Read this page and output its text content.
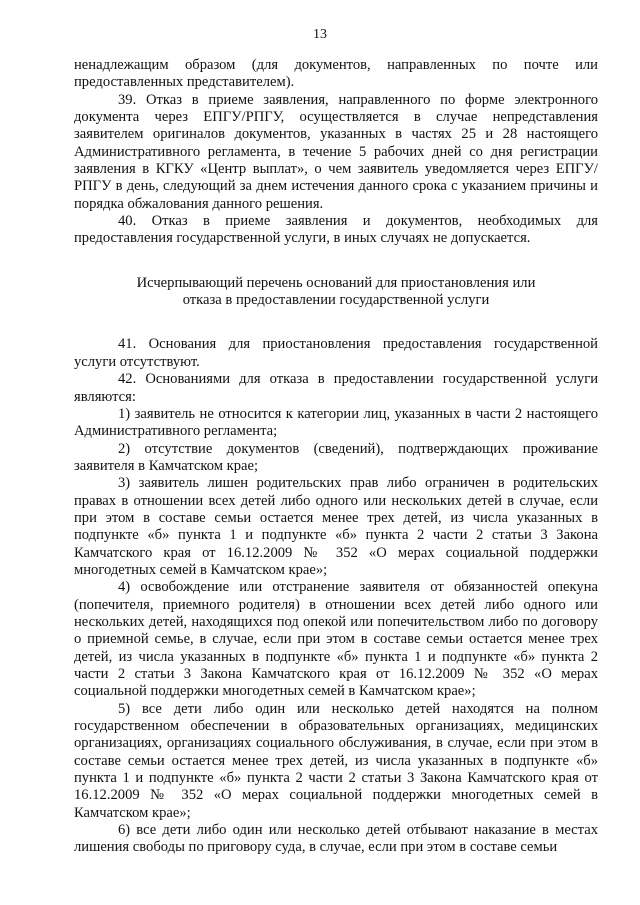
13

ненадлежащим образом (для документов, направленных по почте или предоставленных представителем).

39. Отказ в приеме заявления, направленного по форме электронного документа через ЕПГУ/РПГУ, осуществляется в случае непредставления заявителем оригиналов документов, указанных в частях 25 и 28 настоящего Административного регламента, в течение 5 рабочих дней со дня регистрации заявления в КГКУ «Центр выплат», о чем заявитель уведомляется через ЕПГУ/РПГУ в день, следующий за днем истечения данного срока с указанием причины и порядка обжалования данного решения.

40. Отказ в приеме заявления и документов, необходимых для предоставления государственной услуги, в иных случаях не допускается.

Исчерпывающий перечень оснований для приостановления или
отказа в предоставлении государственной услуги

41. Основания для приостановления предоставления государственной услуги отсутствуют.

42. Основаниями для отказа в предоставлении государственной услуги являются:

1) заявитель не относится к категории лиц, указанных в части 2 настоящего Административного регламента;

2) отсутствие документов (сведений), подтверждающих проживание заявителя в Камчатском крае;

3) заявитель лишен родительских прав либо ограничен в родительских правах в отношении всех детей либо одного или нескольких детей в случае, если при этом в составе семьи остается менее трех детей, из числа указанных в подпункте «б» пункта 1 и подпункте «б» пункта 2 части 2 статьи 3 Закона Камчатского края от 16.12.2009 № 352 «О мерах социальной поддержки многодетных семей в Камчатском крае»;

4) освобождение или отстранение заявителя от обязанностей опекуна (попечителя, приемного родителя) в отношении всех детей либо одного или нескольких детей, находящихся под опекой или попечительством либо по договору о приемной семье, в случае, если при этом в составе семьи остается менее трех детей, из числа указанных в подпункте «б» пункта 1 и подпункте «б» пункта 2 части 2 статьи 3 Закона Камчатского края от 16.12.2009 № 352 «О мерах социальной поддержки многодетных семей в Камчатском крае»;

5) все дети либо один или несколько детей находятся на полном государственном обеспечении в образовательных организациях, медицинских организациях, организациях социального обслуживания, в случае, если при этом в составе семьи остается менее трех детей, из числа указанных в подпункте «б» пункта 1 и подпункте «б» пункта 2 части 2 статьи 3 Закона Камчатского края от 16.12.2009 № 352 «О мерах социальной поддержки многодетных семей в Камчатском крае»;

6) все дети либо один или несколько детей отбывают наказание в местах лишения свободы по приговору суда, в случае, если при этом в составе семьи
